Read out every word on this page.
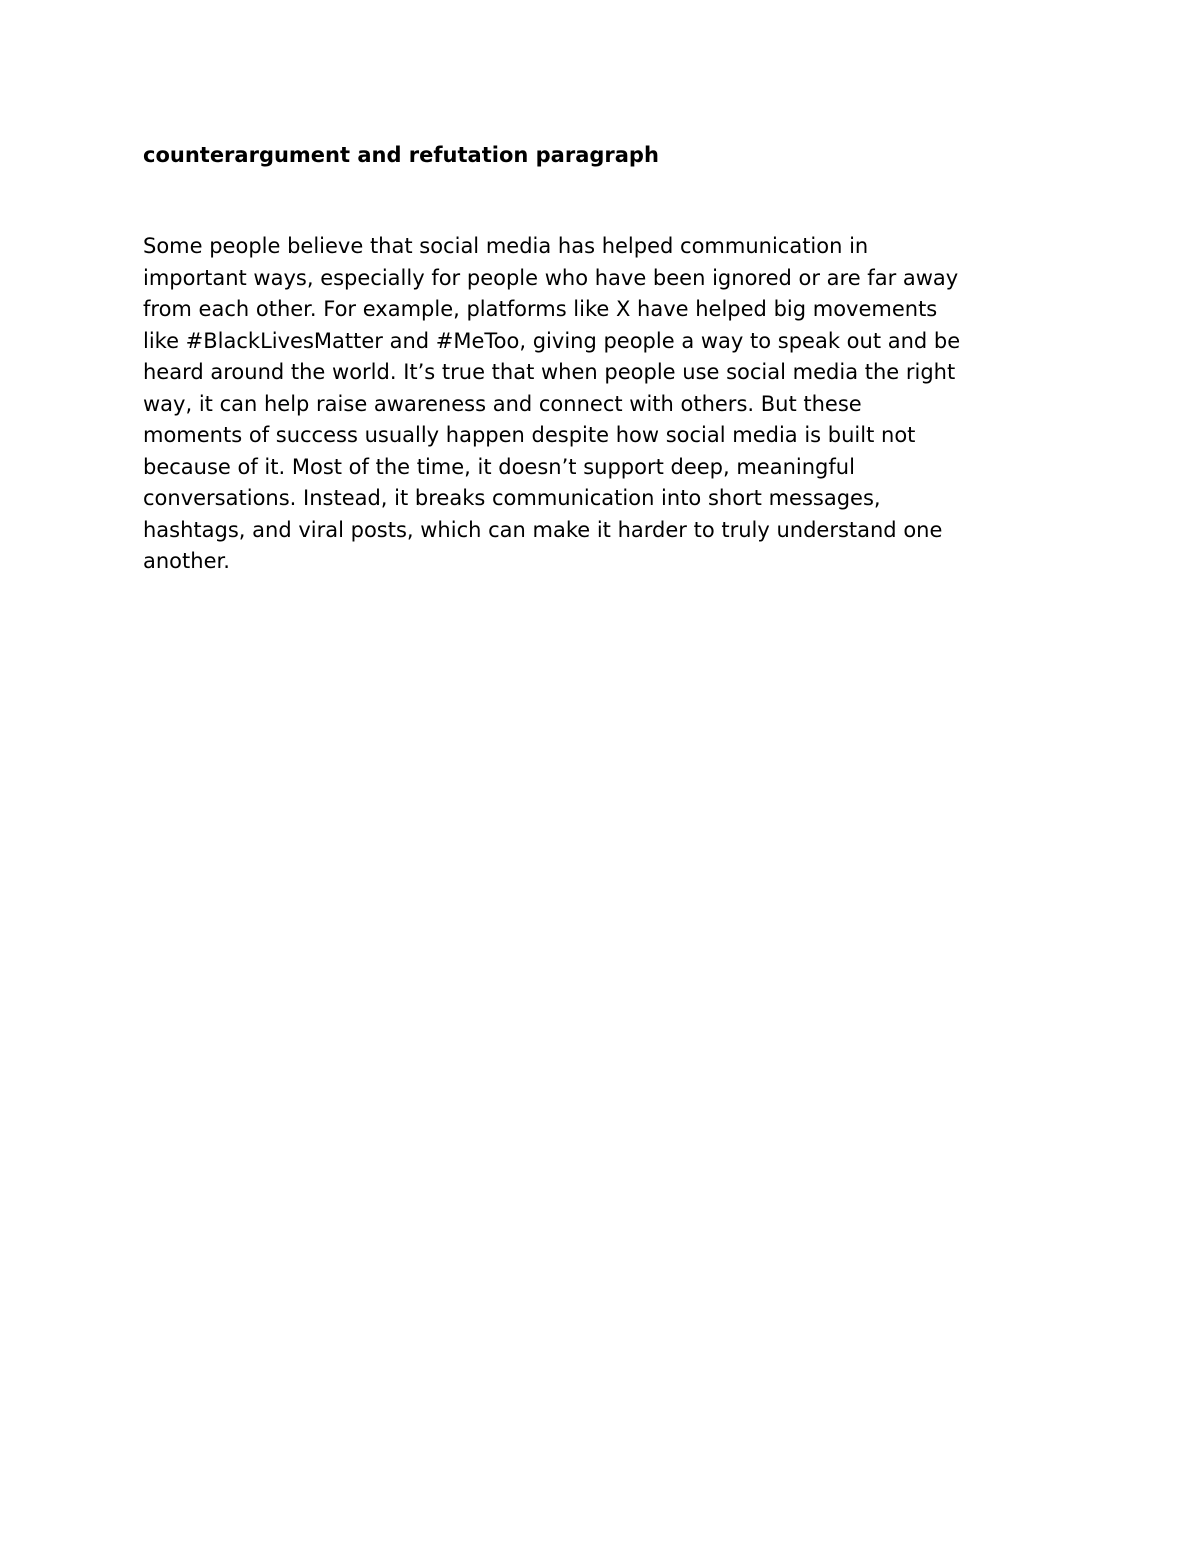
counterargument and refutation paragraph

Some people believe that social media has helped communication in
important ways, especially for people who have been ignored or are far away
from each other. For example, platforms like X have helped big movements
like #BlackLivesMatter and #MeToo, giving people a way to speak out and be
heard around the world. It’s true that when people use social media the right
way, it can help raise awareness and connect with others. But these
moments of success usually happen despite how social media is built not
because of it. Most of the time, it doesn’t support deep, meaningful
conversations. Instead, it breaks communication into short messages,
hashtags, and viral posts, which can make it harder to truly understand one
another.
